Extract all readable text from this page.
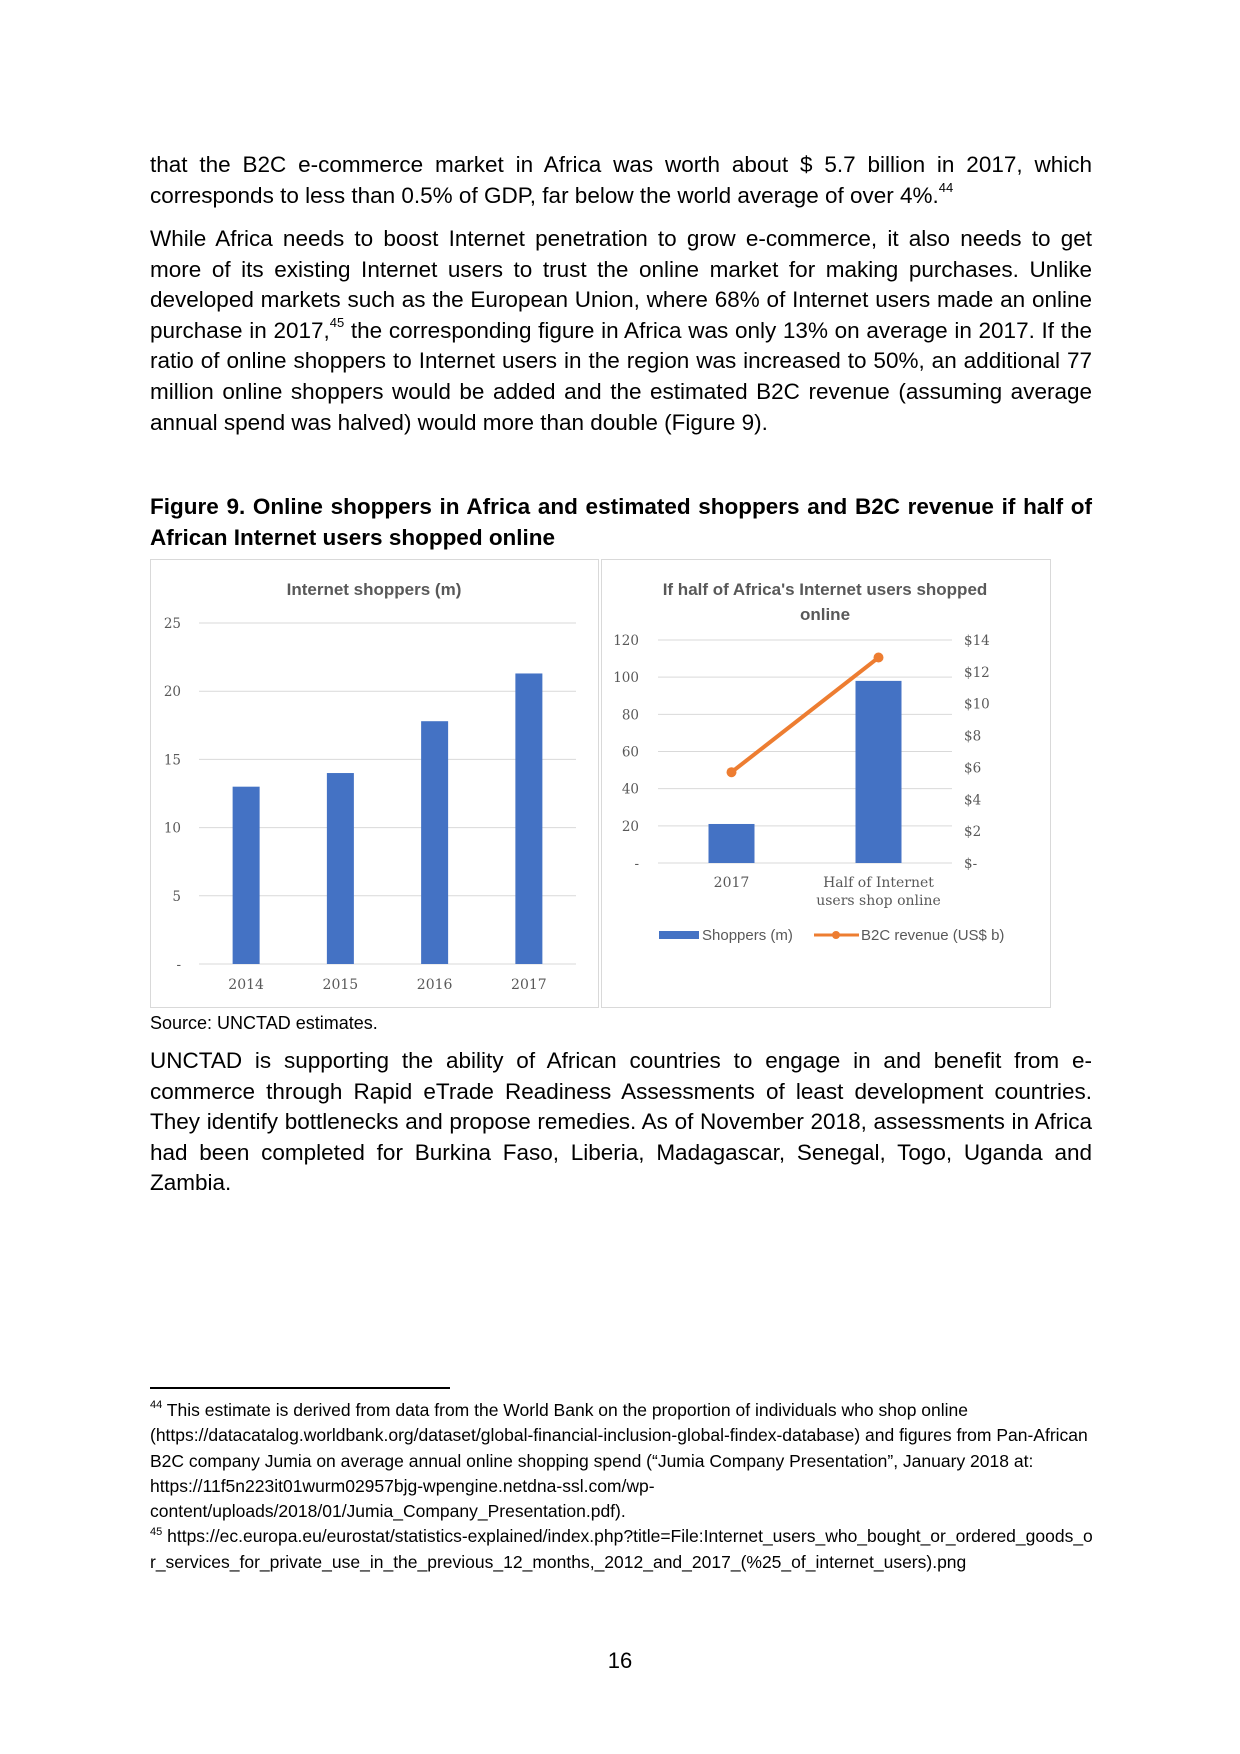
that the B2C e-commerce market in Africa was worth about $ 5.7 billion in 2017, which corresponds to less than 0.5% of GDP, far below the world average of over 4%.$^{44}$

While Africa needs to boost Internet penetration to grow e-commerce, it also needs to get more of its existing Internet users to trust the online market for making purchases. Unlike developed markets such as the European Union, where 68% of Internet users made an online purchase in 2017,45 the corresponding figure in Africa was only 13% on average in 2017. If the ratio of online shoppers to Internet users in the region was increased to 50%, an additional 77 million online shoppers would be added and the estimated B2C revenue (assuming average annual spend was halved) would more than double (Figure 9).

Figure 9. Online shoppers in Africa and estimated shoppers and B2C revenue if half of African Internet users shopped online

Internet shoppers (m)
-
5
10
15
20
25
2014	2015	2016	2017
If half of Africa's Internet users shopped
online
-
20
40
60
80
100
120
$-
$2
$4
$6
$8
$10
$12
$14
2017	Half of Internet
users shop online
Shoppers (m)	B2C revenue (US$ b)

Source: UNCTAD estimates.

UNCTAD is supporting the ability of African countries to engage in and benefit from e-commerce through Rapid eTrade Readiness Assessments of least development countries. They identify bottlenecks and propose remedies. As of November 2018, assessments in Africa had been completed for Burkina Faso, Liberia, Madagascar, Senegal, Togo, Uganda and Zambia.

$^{44}$ This estimate is derived from data from the World Bank on the proportion of individuals who shop online (https://datacatalog.worldbank.org/dataset/global-financial-inclusion-global-findex-database) and figures from Pan-African B2C company Jumia on average annual online shopping spend (“Jumia Company Presentation”, January 2018 at: https://11f5n223it01wurm02957bjg-wpengine.netdna-ssl.com/wp-content/uploads/2018/01/Jumia_Company_Presentation.pdf).

$^{45}$ https://ec.europa.eu/eurostat/statistics-explained/index.php?title=File:Internet_users_who_bought_or_ordered_goods_or_services_for_private_use_in_the_previous_12_months,_2012_and_2017_(%25_of_internet_users).png

16
